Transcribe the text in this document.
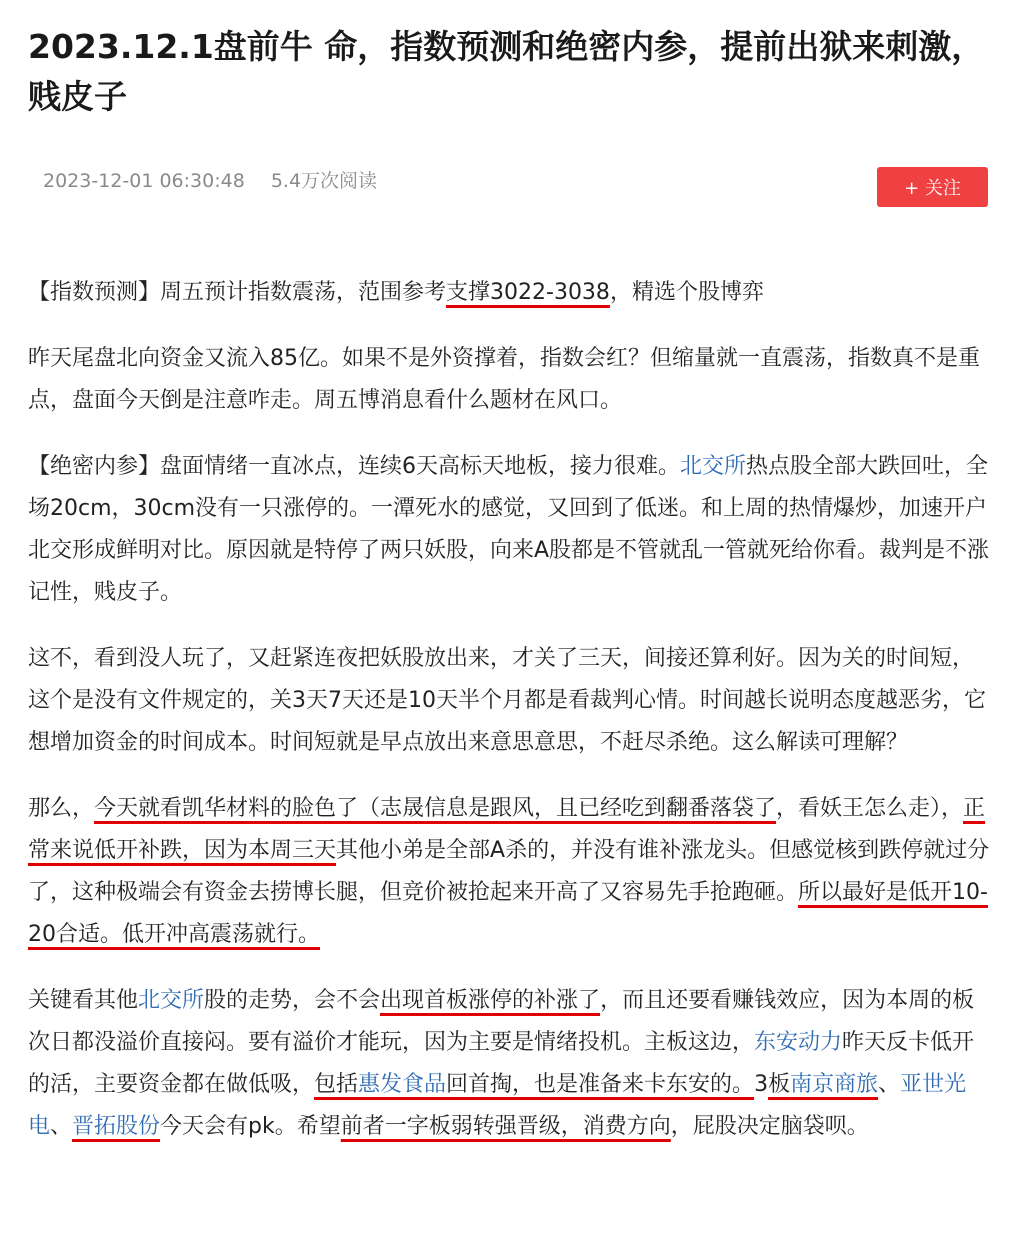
2023.12.1盘前牛 命，指数预测和绝密内参，提前出狱来刺激，贱皮子
2023-12-01 06:30:48 5.4万次阅读	+ 关注

【指数预测】周五预计指数震荡，范围参考支撑3022-3038，精选个股博弈

昨天尾盘北向资金又流入85亿。如果不是外资撑着，指数会红？但缩量就一直震荡，指数真不是重点，盘面今天倒是注意咋走。周五博消息看什么题材在风口。

【绝密内参】盘面情绪一直冰点，连续6天高标天地板，接力很难。北交所热点股全部大跌回吐，全场20cm，30cm没有一只涨停的。一潭死水的感觉，又回到了低迷。和上周的热情爆炒，加速开户北交形成鲜明对比。原因就是特停了两只妖股，向来A股都是不管就乱一管就死给你看。裁判是不涨记性，贱皮子。

这不，看到没人玩了，又赶紧连夜把妖股放出来，才关了三天，间接还算利好。因为关的时间短，这个是没有文件规定的，关3天7天还是10天半个月都是看裁判心情。时间越长说明态度越恶劣，它想增加资金的时间成本。时间短就是早点放出来意思意思，不赶尽杀绝。这么解读可理解？

那么，今天就看凯华材料的脸色了（志晟信息是跟风，且已经吃到翻番落袋了，看妖王怎么走），正常来说低开补跌，因为本周三天其他小弟是全部A杀的，并没有谁补涨龙头。但感觉核到跌停就过分了，这种极端会有资金去捞博长腿，但竞价被抢起来开高了又容易先手抢跑砸。所以最好是低开10-20合适。低开冲高震荡就行。

关键看其他北交所股的走势，会不会出现首板涨停的补涨了，而且还要看赚钱效应，因为本周的板次日都没溢价直接闷。要有溢价才能玩，因为主要是情绪投机。主板这边，东安动力昨天反卡低开的活，主要资金都在做低吸，包括惠发食品回首掏，也是准备来卡东安的。3板南京商旅、亚世光电、晋拓股份今天会有pk。希望前者一字板弱转强晋级，消费方向，屁股决定脑袋呗。
